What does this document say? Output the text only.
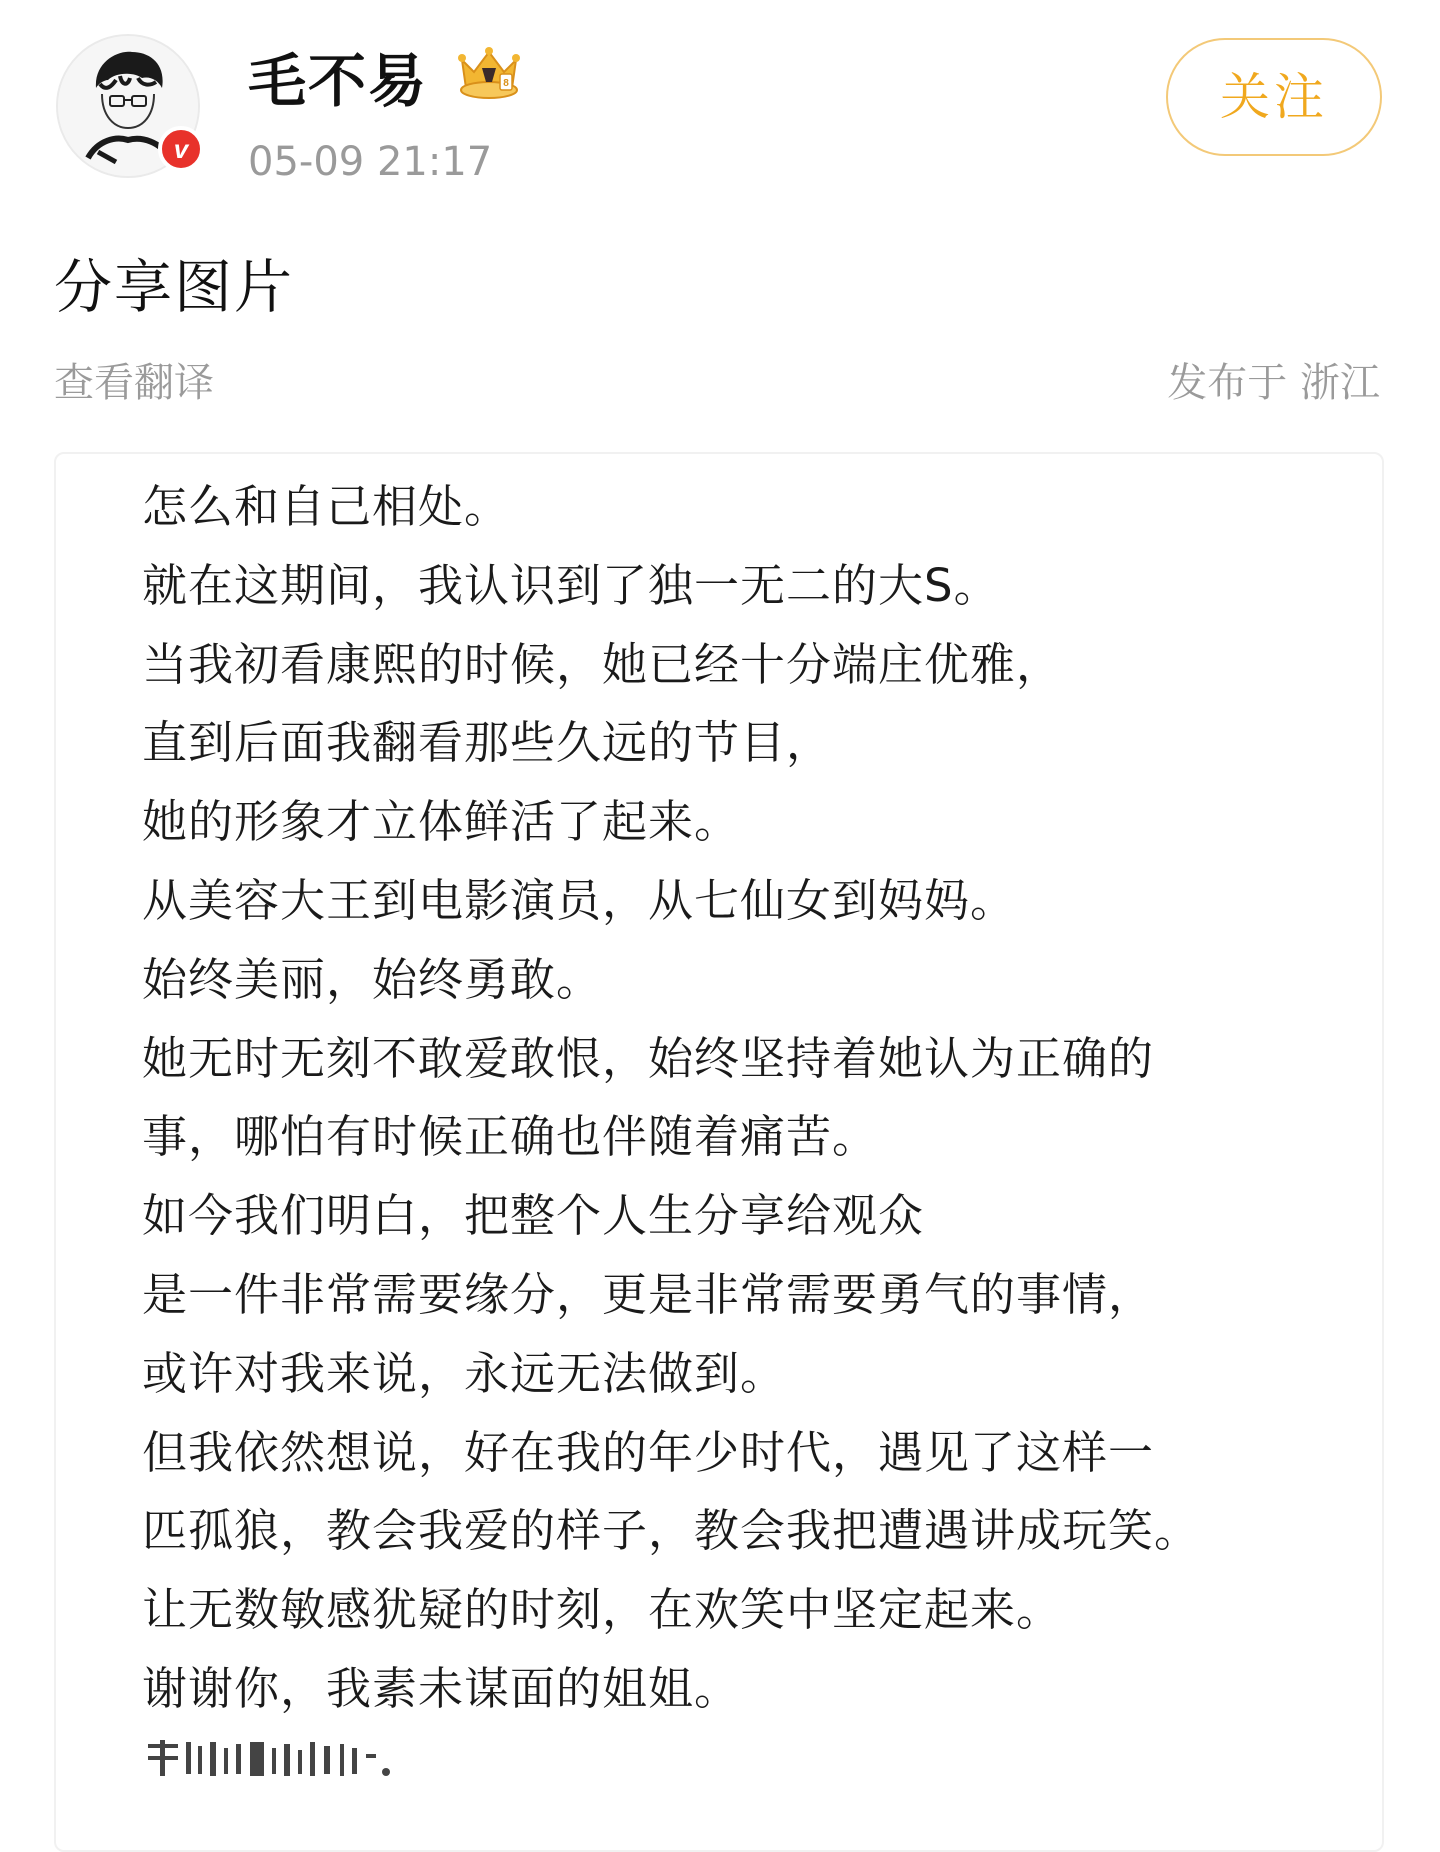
v
毛不易	8
05-09 21:17
关注
分享图片
查看翻译	发布于 浙江
怎么和自己相处。
就在这期间，我认识到了独一无二的大S。
当我初看康熙的时候，她已经十分端庄优雅，
直到后面我翻看那些久远的节目，
她的形象才立体鲜活了起来。
从美容大王到电影演员，从七仙女到妈妈。
始终美丽，始终勇敢。
她无时无刻不敢爱敢恨，始终坚持着她认为正确的
事，哪怕有时候正确也伴随着痛苦。
如今我们明白，把整个人生分享给观众
是一件非常需要缘分，更是非常需要勇气的事情，
或许对我来说，永远无法做到。
但我依然想说，好在我的年少时代，遇见了这样一
匹孤狼，教会我爱的样子，教会我把遭遇讲成玩笑。
让无数敏感犹疑的时刻，在欢笑中坚定起来。
谢谢你，我素未谋面的姐姐。
